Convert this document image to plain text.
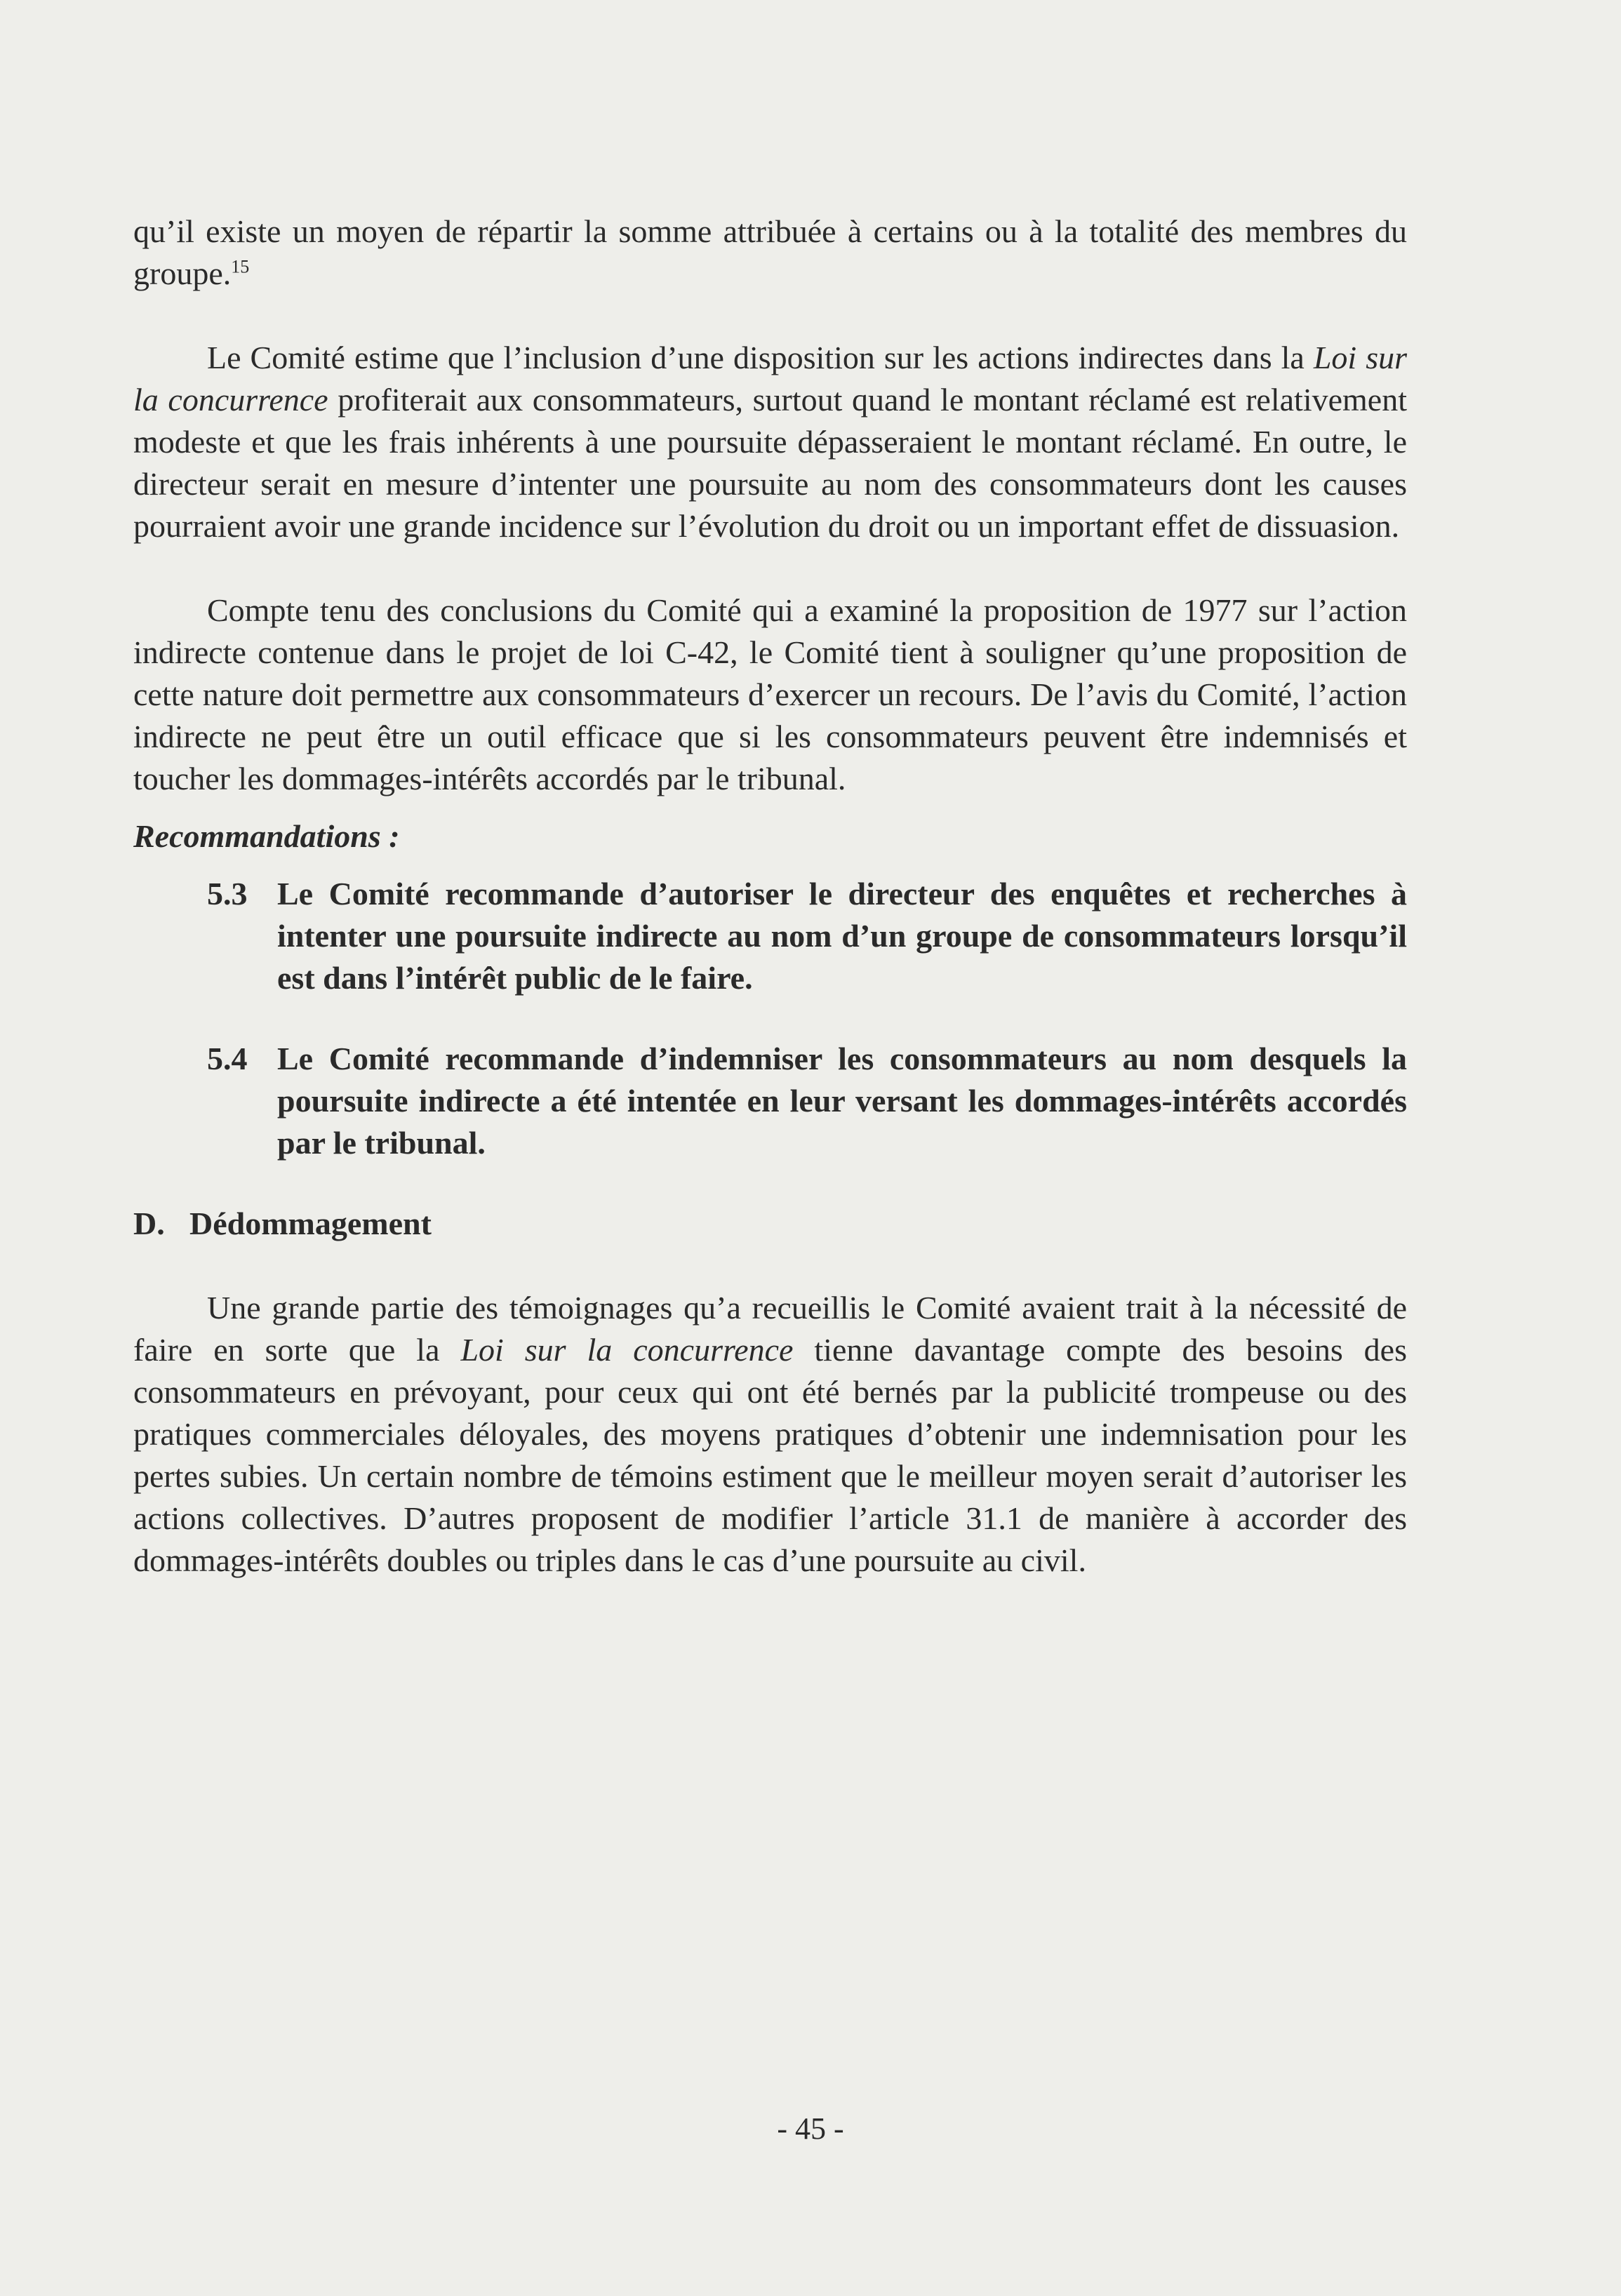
qu’il existe un moyen de répartir la somme attribuée à certains ou à la totalité des membres du groupe.$^{15}$

Le Comité estime que l’inclusion d’une disposition sur les actions indirectes dans la Loi sur la concurrence profiterait aux consommateurs, surtout quand le montant réclamé est relativement modeste et que les frais inhérents à une poursuite dépasseraient le montant réclamé. En outre, le directeur serait en mesure d’intenter une poursuite au nom des consommateurs dont les causes pourraient avoir une grande incidence sur l’évolution du droit ou un important effet de dissuasion.

Compte tenu des conclusions du Comité qui a examiné la proposition de 1977 sur l’action indirecte contenue dans le projet de loi C-42, le Comité tient à souligner qu’une proposition de cette nature doit permettre aux consommateurs d’exercer un recours. De l’avis du Comité, l’action indirecte ne peut être un outil efficace que si les consommateurs peuvent être indemnisés et toucher les dommages-intérêts accordés par le tribunal.

Recommandations :

5.3 Le Comité recommande d’autoriser le directeur des enquêtes et recherches à intenter une poursuite indirecte au nom d’un groupe de consommateurs lorsqu’il est dans l’intérêt public de le faire.
5.4 Le Comité recommande d’indemniser les consommateurs au nom desquels la poursuite indirecte a été intentée en leur versant les dommages-intérêts accordés par le tribunal.
D. Dédommagement

Une grande partie des témoignages qu’a recueillis le Comité avaient trait à la nécessité de faire en sorte que la Loi sur la concurrence tienne davantage compte des besoins des consommateurs en prévoyant, pour ceux qui ont été bernés par la publicité trompeuse ou des pratiques commerciales déloyales, des moyens pratiques d’obtenir une indemnisation pour les pertes subies. Un certain nombre de témoins estiment que le meilleur moyen serait d’autoriser les actions collectives. D’autres proposent de modifier l’article 31.1 de manière à accorder des dommages-intérêts doubles ou triples dans le cas d’une poursuite au civil.

- 45 -
